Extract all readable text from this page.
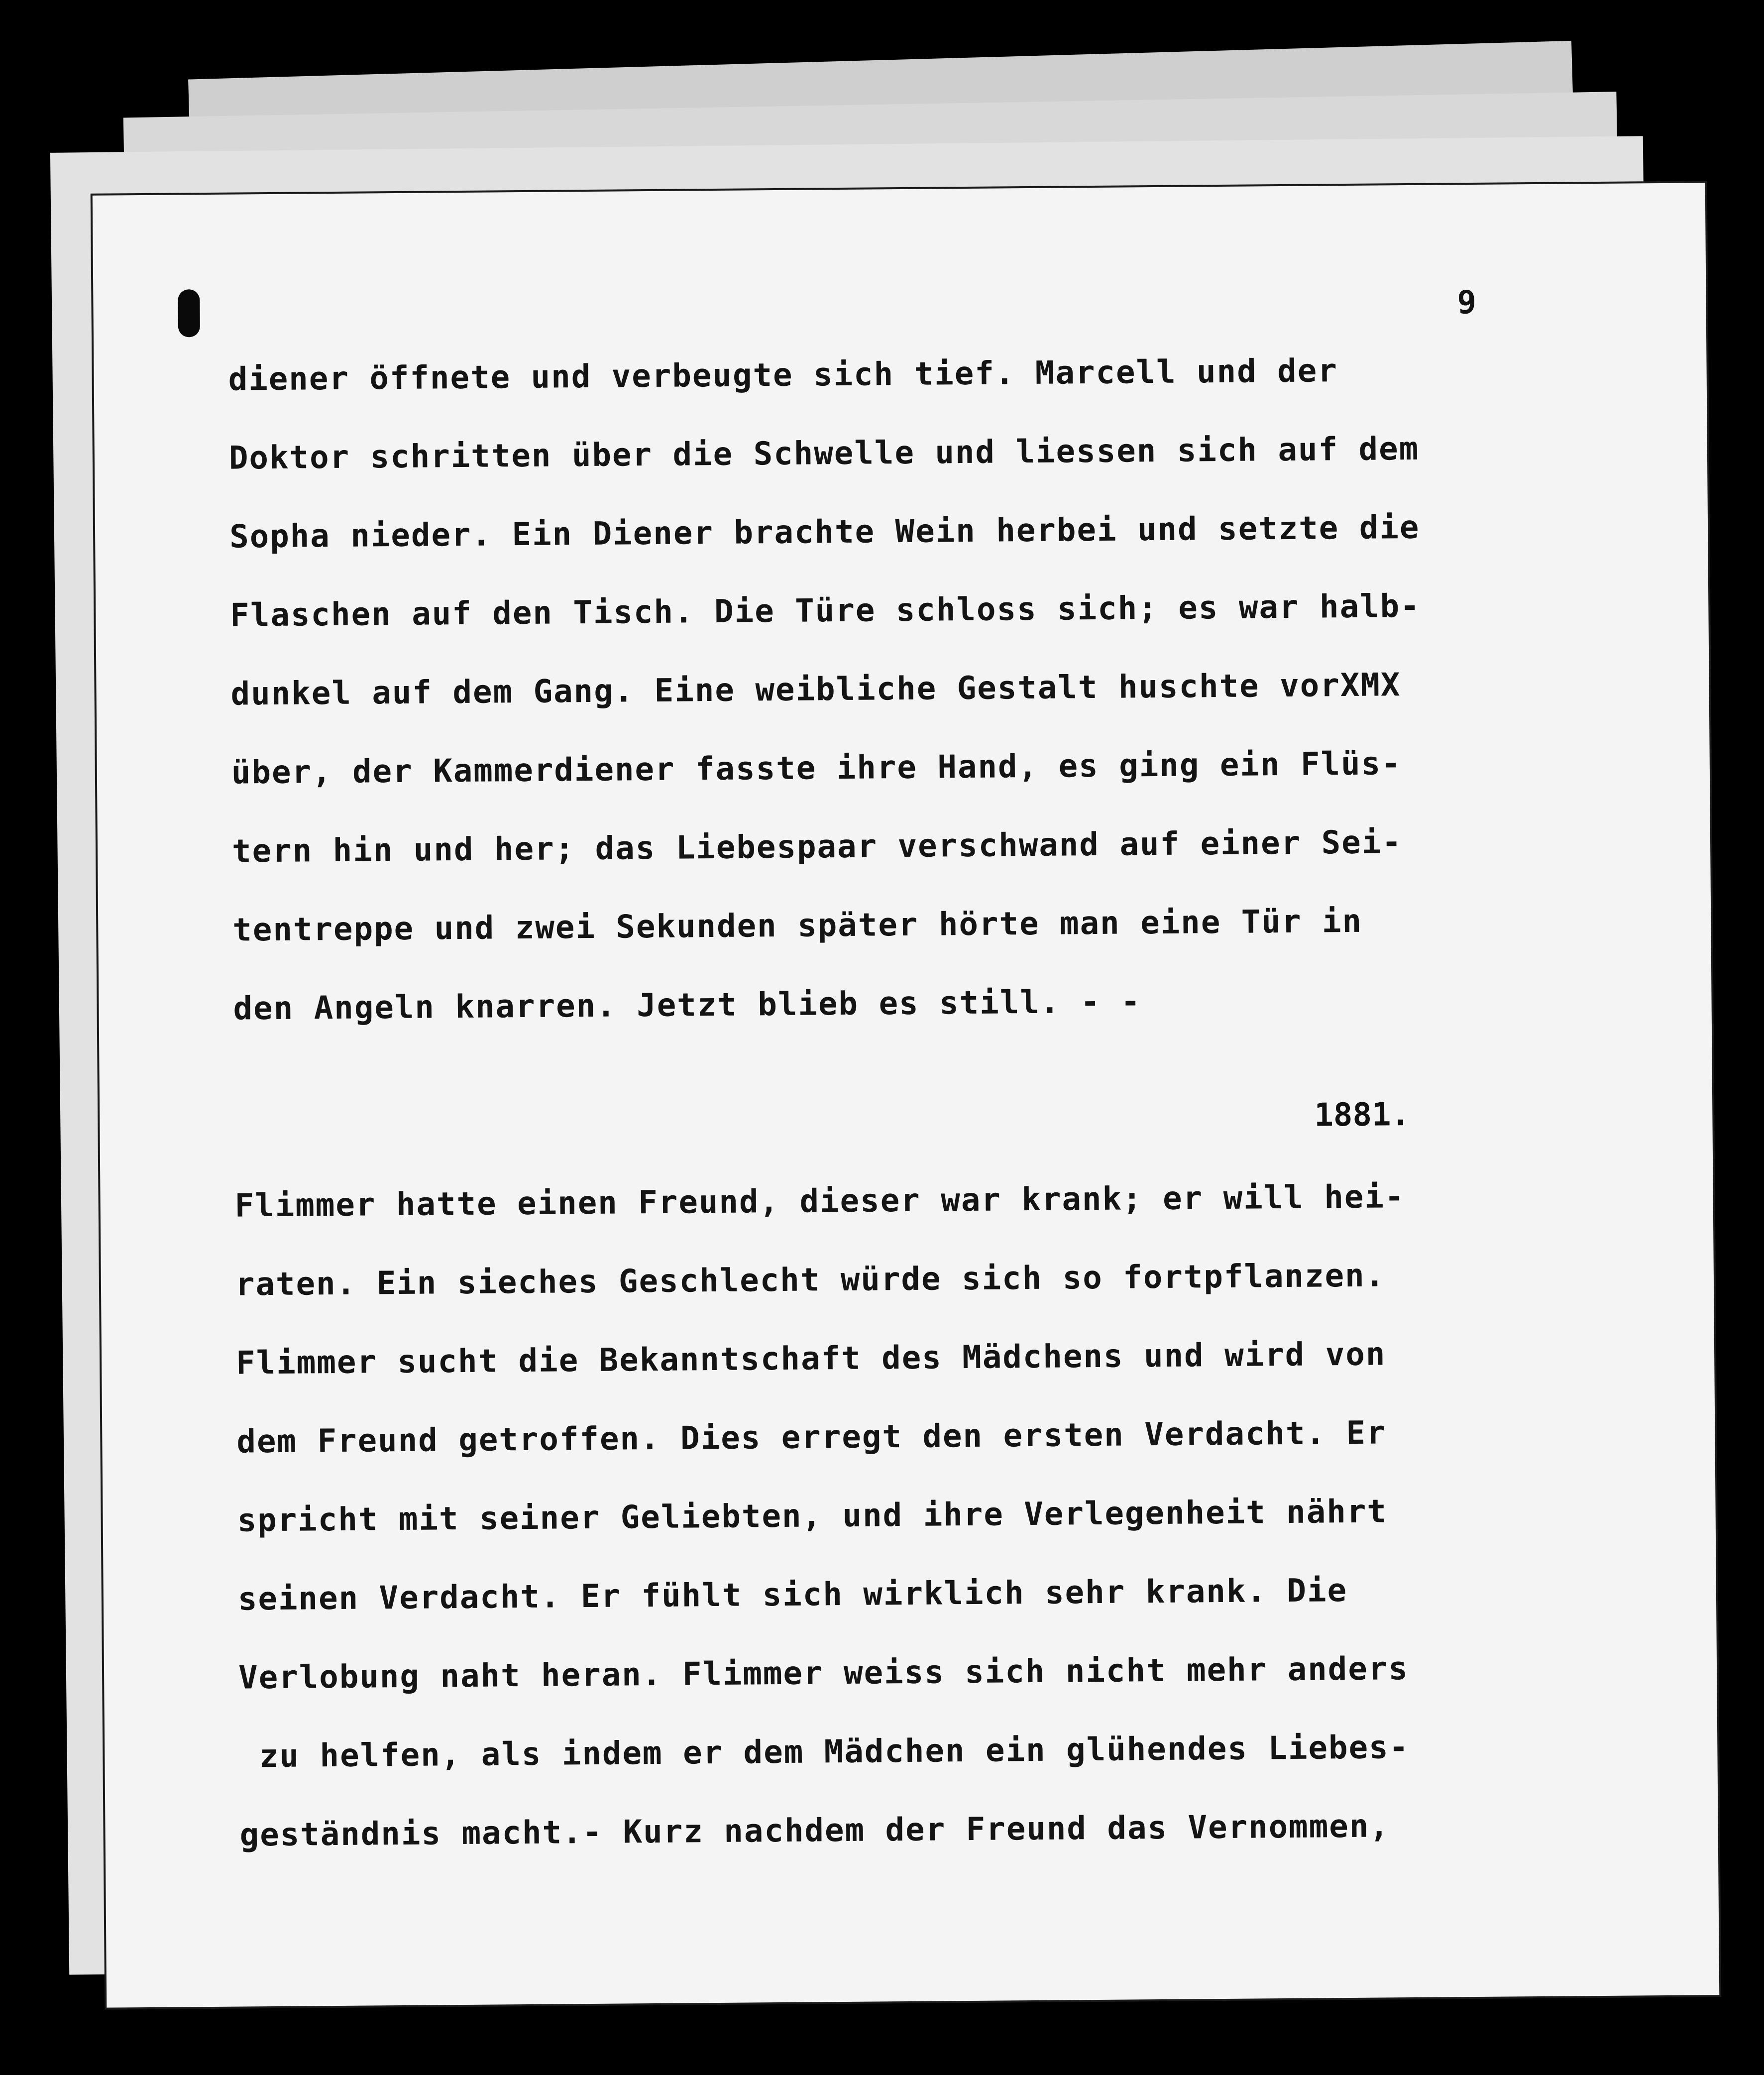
9
diener öffnete und verbeugte sich tief. Marcell und der
Doktor schritten über die Schwelle und liessen sich auf dem
Sopha nieder. Ein Diener brachte Wein herbei und setzte die
Flaschen auf den Tisch. Die Türe schloss sich; es war halb-
dunkel auf dem Gang. Eine weibliche Gestalt huschte vorXMX
über, der Kammerdiener fasste ihre Hand, es ging ein Flüs-
tern hin und her; das Liebespaar verschwand auf einer Sei-
tentreppe und zwei Sekunden später hörte man eine Tür in
den Angeln knarren. Jetzt blieb es still. - -
1881.
Flimmer hatte einen Freund, dieser war krank; er will hei-
raten. Ein sieches Geschlecht würde sich so fortpflanzen.
Flimmer sucht die Bekanntschaft des Mädchens und wird von
dem Freund getroffen. Dies erregt den ersten Verdacht. Er
spricht mit seiner Geliebten, und ihre Verlegenheit nährt
seinen Verdacht. Er fühlt sich wirklich sehr krank. Die
Verlobung naht heran. Flimmer weiss sich nicht mehr anders
zu helfen, als indem er dem Mädchen ein glühendes Liebes-
geständnis macht.- Kurz nachdem der Freund das Vernommen,
